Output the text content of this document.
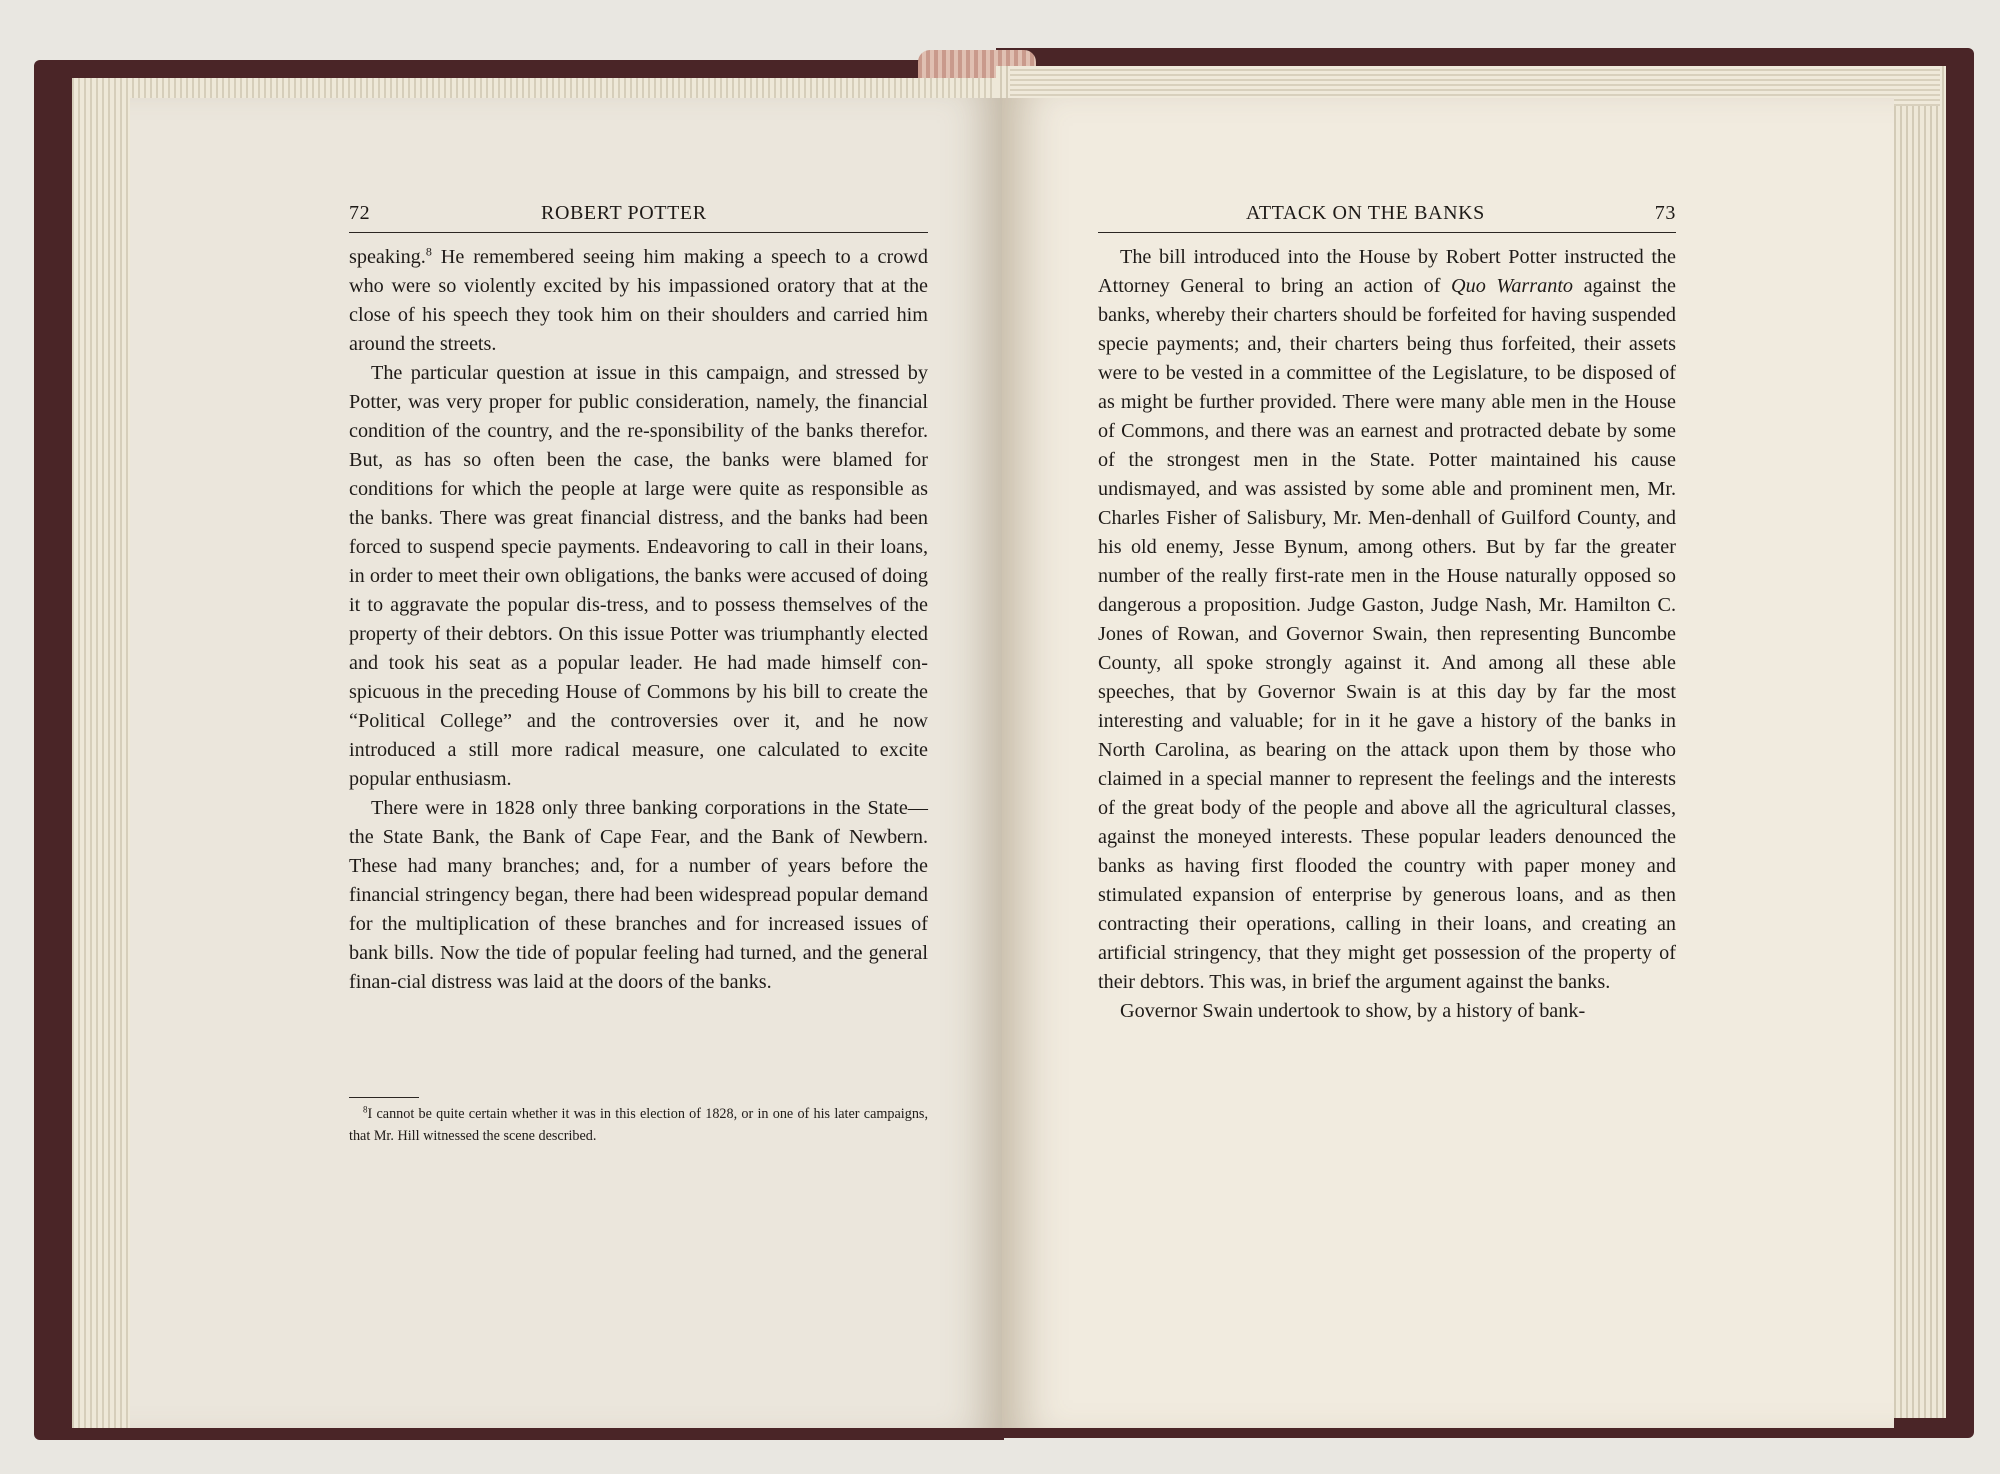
72	ROBERT POTTER	ATTACK ON THE BANKS	73

speaking.$^8$ He remembered seeing him making a speech to a crowd who were so violently excited by his impassioned oratory that at the close of his speech they took him on their shoulders and carried him around the streets.

The particular question at issue in this campaign, and stressed by Potter, was very proper for public consideration, namely, the financial condition of the country, and the re-sponsibility of the banks therefor. But, as has so often been the case, the banks were blamed for conditions for which the people at large were quite as responsible as the banks. There was great financial distress, and the banks had been forced to suspend specie payments. Endeavoring to call in their loans, in order to meet their own obligations, the banks were accused of doing it to aggravate the popular dis-tress, and to possess themselves of the property of their debtors. On this issue Potter was triumphantly elected and took his seat as a popular leader. He had made himself con-spicuous in the preceding House of Commons by his bill to create the “Political College” and the controversies over it, and he now introduced a still more radical measure, one calculated to excite popular enthusiasm.

There were in 1828 only three banking corporations in the State—the State Bank, the Bank of Cape Fear, and the Bank of Newbern. These had many branches; and, for a number of years before the financial stringency began, there had been widespread popular demand for the multiplication of these branches and for increased issues of bank bills. Now the tide of popular feeling had turned, and the general finan-cial distress was laid at the doors of the banks.

$^8$I cannot be quite certain whether it was in this election of 1828, or in one of his later campaigns, that Mr. Hill witnessed the scene described.

The bill introduced into the House by Robert Potter instructed the Attorney General to bring an action of Quo Warranto against the banks, whereby their charters should be forfeited for having suspended specie payments; and, their charters being thus forfeited, their assets were to be vested in a committee of the Legislature, to be disposed of as might be further provided. There were many able men in the House of Commons, and there was an earnest and protracted debate by some of the strongest men in the State. Potter maintained his cause undismayed, and was assisted by some able and prominent men, Mr. Charles Fisher of Salisbury, Mr. Men-denhall of Guilford County, and his old enemy, Jesse Bynum, among others. But by far the greater number of the really first-rate men in the House naturally opposed so dangerous a proposition. Judge Gaston, Judge Nash, Mr. Hamilton C. Jones of Rowan, and Governor Swain, then representing Buncombe County, all spoke strongly against it. And among all these able speeches, that by Governor Swain is at this day by far the most interesting and valuable; for in it he gave a history of the banks in North Carolina, as bearing on the attack upon them by those who claimed in a special manner to represent the feelings and the interests of the great body of the people and above all the agricultural classes, against the moneyed interests. These popular leaders denounced the banks as having first flooded the country with paper money and stimulated expansion of enterprise by generous loans, and as then contracting their operations, calling in their loans, and creating an artificial stringency, that they might get possession of the property of their debtors. This was, in brief the argument against the banks.

Governor Swain undertook to show, by a history of bank-
